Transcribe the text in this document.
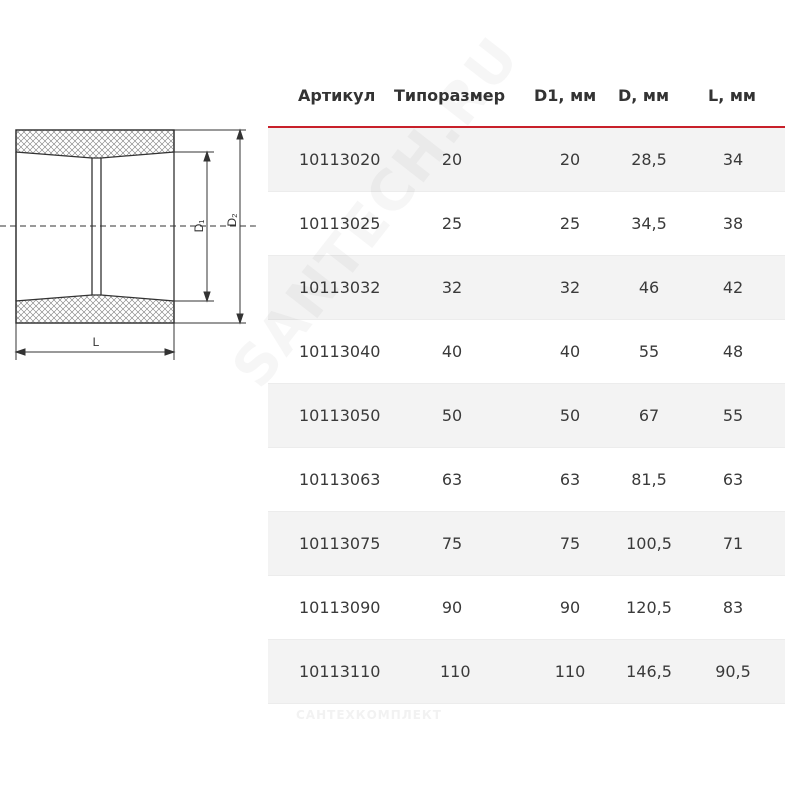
D₁ D₂
L
Артикул Типоразмер D1, мм D, мм L, мм
10113020	20	20	28,5	34
10113025	25	25	34,5	38
10113032	32	32	46	42
10113040	40	40	55	48
10113050	50	50	67	55
10113063	63	63	81,5	63
10113075	75	75	100,5	71
10113090	90	90	120,5	83
10113110	110	110	146,5	90,5
САНТЕХКОМПЛЕКТ
